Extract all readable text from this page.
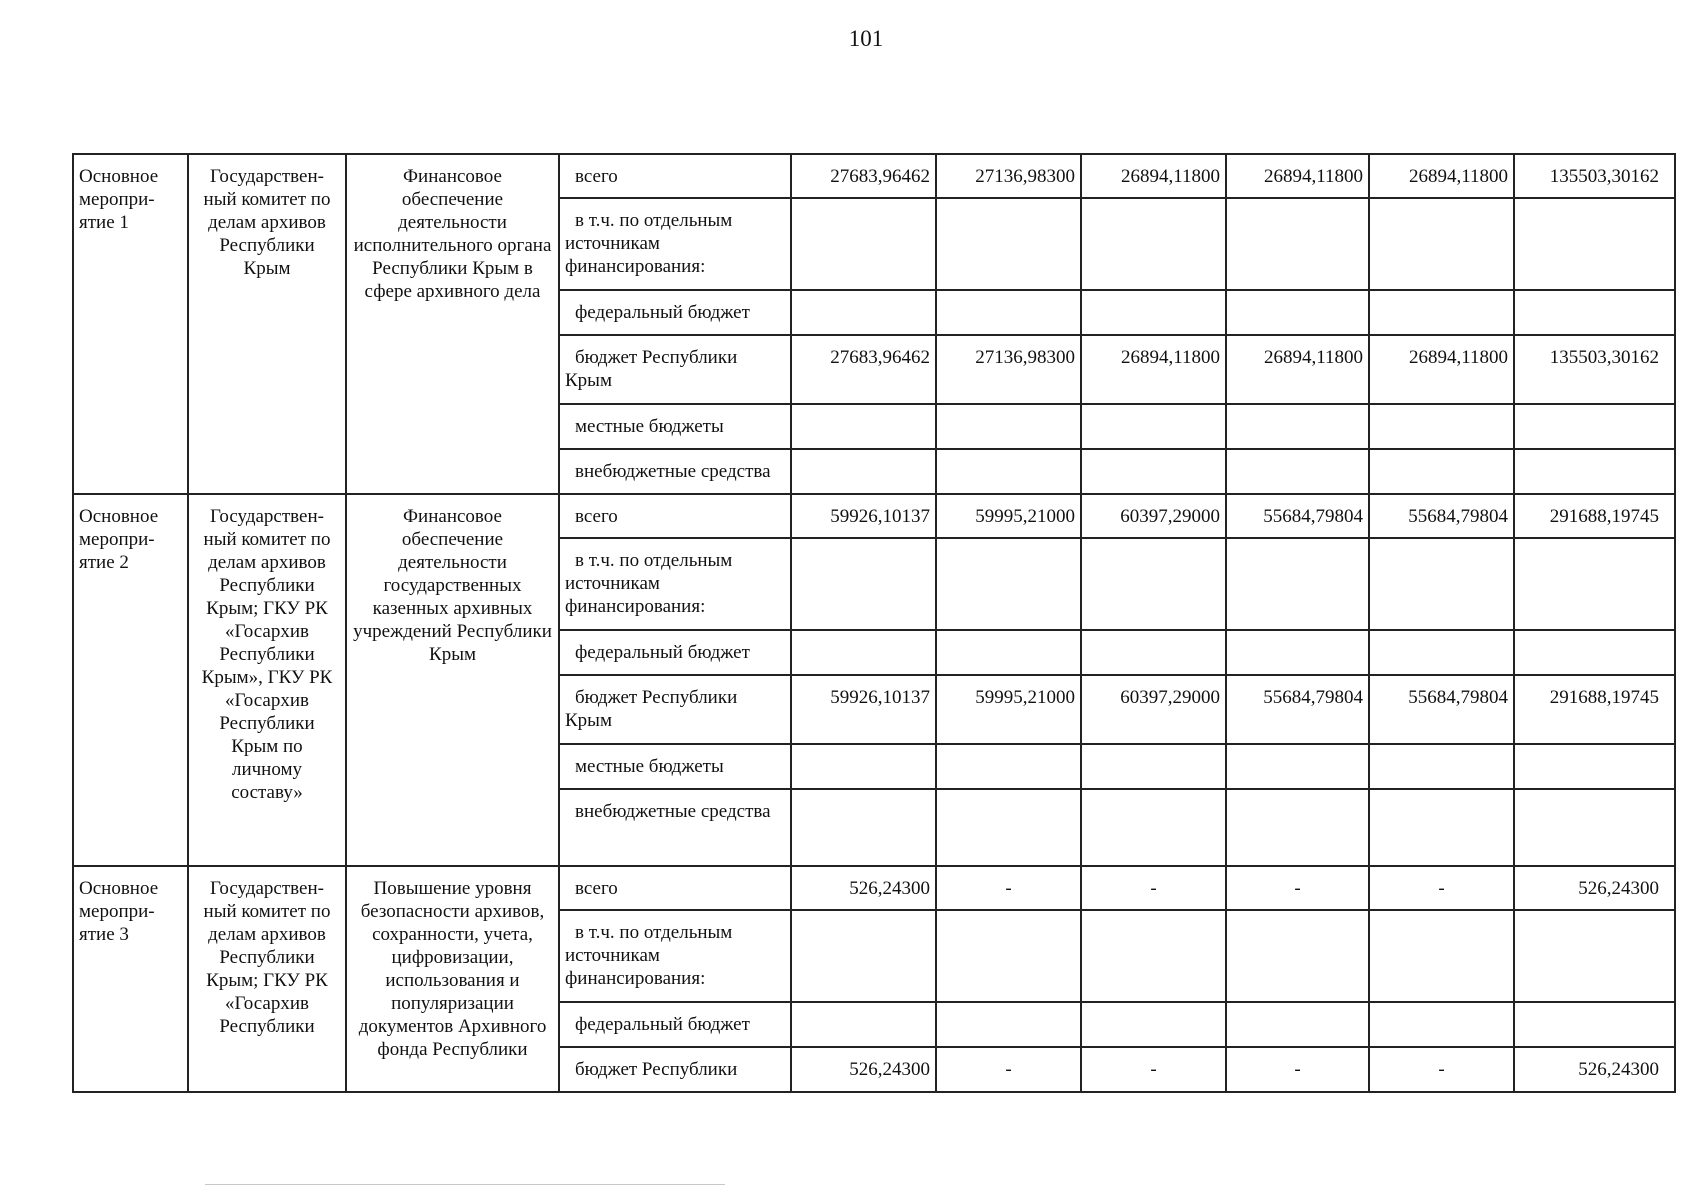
101
Основное меропри-ятие 1	Государствен-ный комитет по делам архивов Республики Крым	Финансовое обеспечение деятельности исполнительного органа Республики Крым в сфере архивного дела	всего	27683,96462	27136,98300	26894,11800	26894,11800	26894,11800	135503,30162
			в т.ч. по отдельным источникам финансирования:						
			федеральный бюджет						
			бюджет Республики Крым	27683,96462	27136,98300	26894,11800	26894,11800	26894,11800	135503,30162
			местные бюджеты						
			внебюджетные средства						
Основное меропри-ятие 2	Государствен-ный комитет по делам архивов Республики Крым; ГКУ РК «Госархив Республики Крым», ГКУ РК «Госархив Республики Крым по личному составу»	Финансовое обеспечение деятельности государственных казенных архивных учреждений Республики Крым	всего	59926,10137	59995,21000	60397,29000	55684,79804	55684,79804	291688,19745
			в т.ч. по отдельным источникам финансирования:						
			федеральный бюджет						
			бюджет Республики Крым	59926,10137	59995,21000	60397,29000	55684,79804	55684,79804	291688,19745
			местные бюджеты						
			внебюджетные средства						
Основное меропри-ятие 3	Государствен-ный комитет по делам архивов Республики Крым; ГКУ РК «Госархив Республики	Повышение уровня безопасности архивов, сохранности, учета, цифровизации, использования и популяризации документов Архивного фонда Республики	всего	526,24300	-	-	-	-	526,24300
			в т.ч. по отдельным источникам финансирования:						
			федеральный бюджет						
			бюджет Республики	526,24300	-	-	-	-	526,24300
